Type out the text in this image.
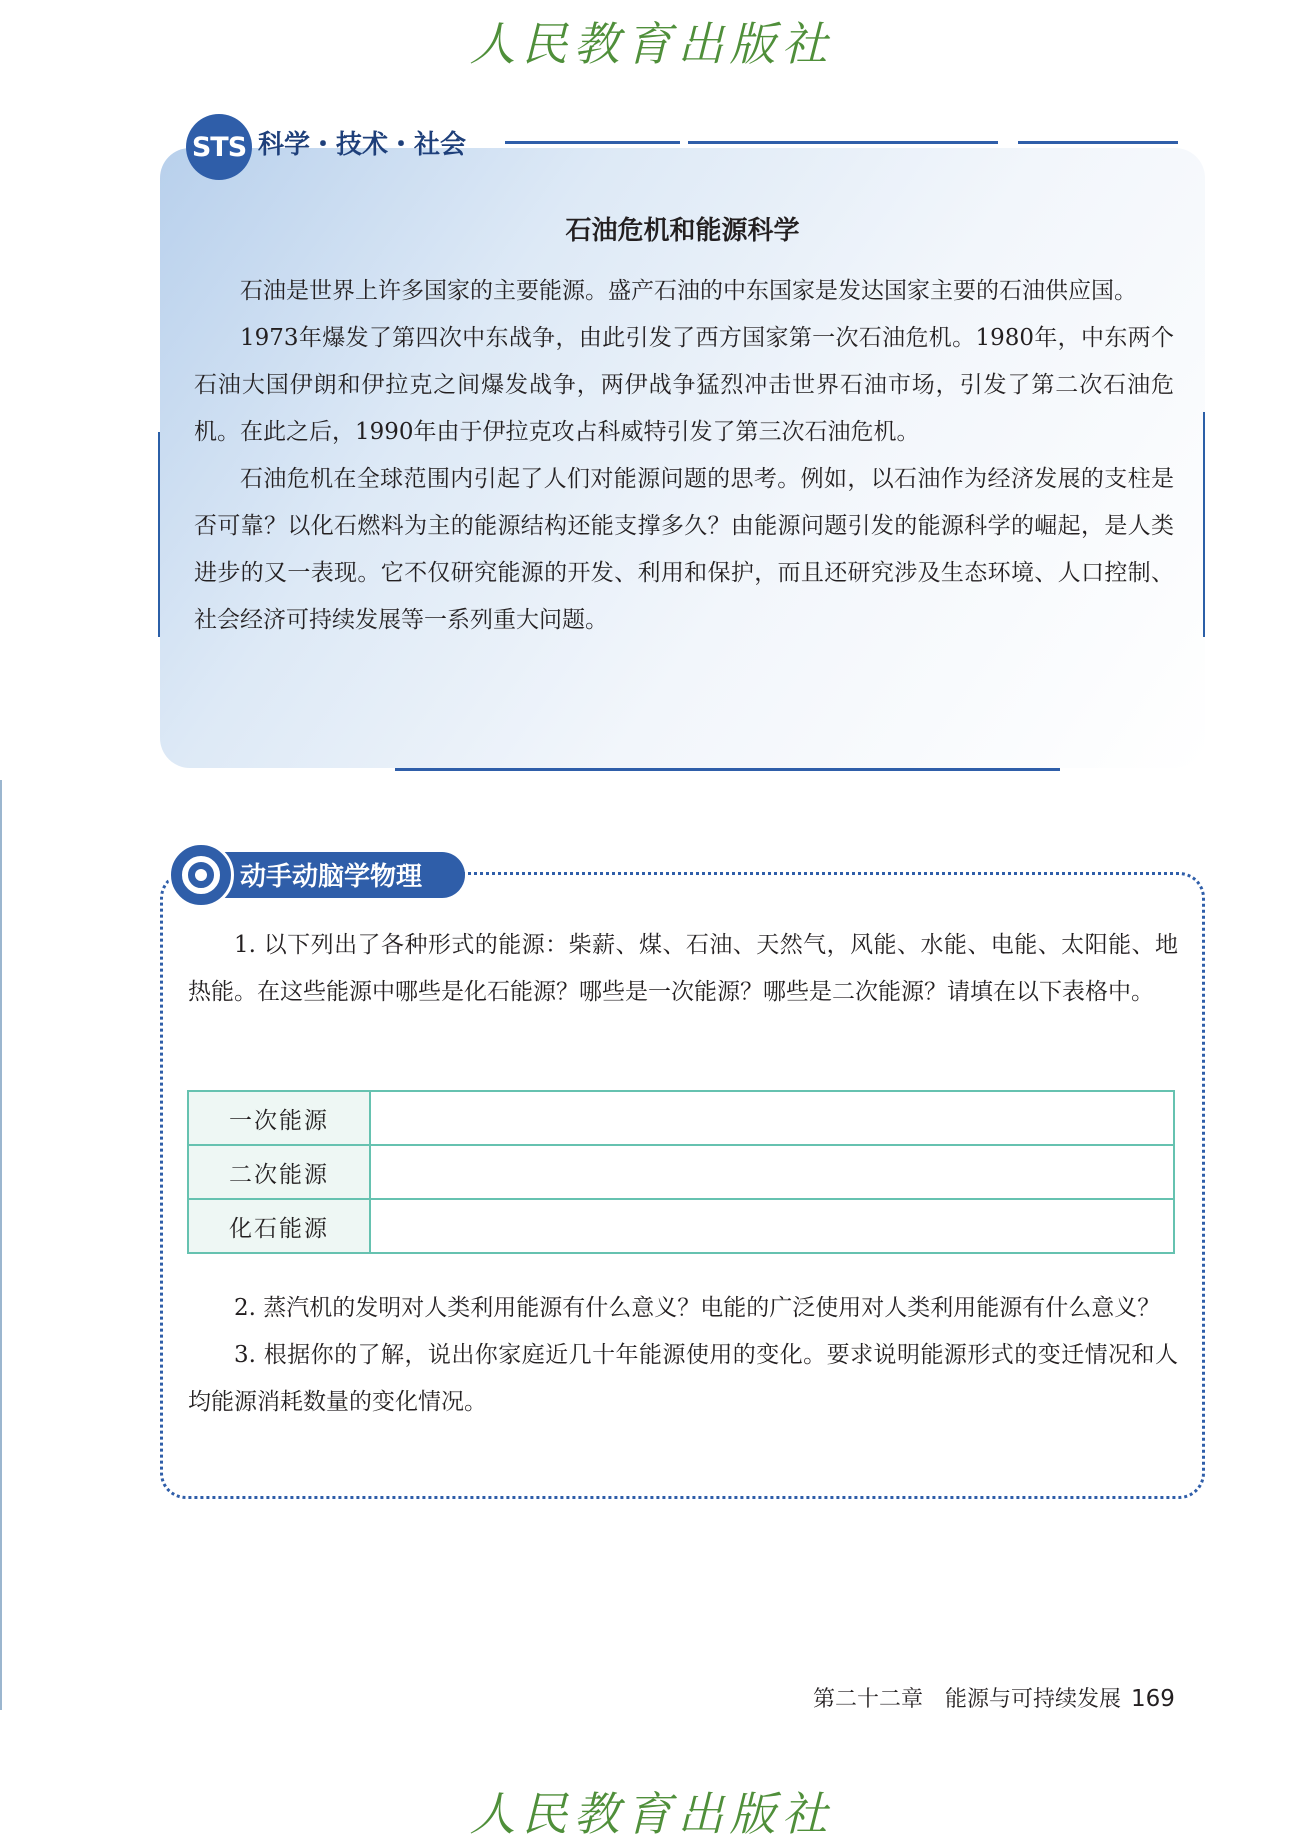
人民教育出版社
STS 科学・技术・社会
石油危机和能源科学

石油是世界上许多国家的主要能源。盛产石油的中东国家是发达国家主要的石油供应国。

1973年爆发了第四次中东战争，由此引发了西方国家第一次石油危机。1980年，中东两个石油大国伊朗和伊拉克之间爆发战争，两伊战争猛烈冲击世界石油市场，引发了第二次石油危机。在此之后，1990年由于伊拉克攻占科威特引发了第三次石油危机。

石油危机在全球范围内引起了人们对能源问题的思考。例如，以石油作为经济发展的支柱是否可靠？以化石燃料为主的能源结构还能支撑多久？由能源问题引发的能源科学的崛起，是人类进步的又一表现。它不仅研究能源的开发、利用和保护，而且还研究涉及生态环境、人口控制、社会经济可持续发展等一系列重大问题。

动手动脑学物理

1. 以下列出了各种形式的能源：柴薪、煤、石油、天然气，风能、水能、电能、太阳能、地热能。在这些能源中哪些是化石能源？哪些是一次能源？哪些是二次能源？请填在以下表格中。

一次能源	
二次能源	
化石能源	

2. 蒸汽机的发明对人类利用能源有什么意义？电能的广泛使用对人类利用能源有什么意义？

3. 根据你的了解，说出你家庭近几十年能源使用的变化。要求说明能源形式的变迁情况和人均能源消耗数量的变化情况。

第二十二章　能源与可持续发展 169
人民教育出版社
